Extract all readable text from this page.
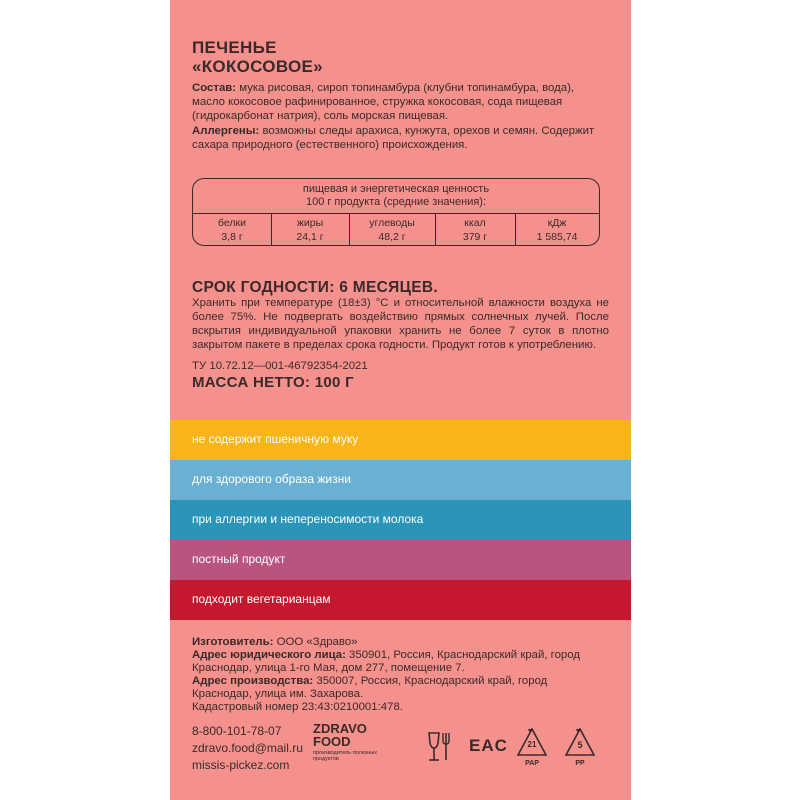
ПЕЧЕНЬЕ
«КОКОСОВОЕ»
Состав: мука рисовая, сироп топинамбура (клубни топинамбура, вода), масло кокосовое рафинированное, стружка кокосовая, сода пищевая (гидрокарбонат натрия), соль морская пищевая.
Аллергены: возможны следы арахиса, кунжута, орехов и семян. Содержит сахара природного (естественного) происхождения.
пищевая и энергетическая ценность 100 г продукта (средние значения):
белки
3,8 г
жиры
24,1 г
углеводы
48,2 г
ккал
379 г
кДж
1 585,74
СРОК ГОДНОСТИ: 6 МЕСЯЦЕВ.
Хранить при температуре (18±3) °С и относительной влажности воздуха не более 75%. Не подвергать воздействию прямых солнечных лучей. После вскрытия индивидуальной упаковки хранить не более 7 суток в плотно закрытом пакете в пределах срока годности. Продукт готов к употреблению.
ТУ 10.72.12—001-46792354-2021
МАССА НЕТТО: 100 Г
не содержит пшеничную муку
для здорового образа жизни
при аллергии и непереносимости молока
постный продукт
подходит вегетарианцам
Изготовитель: ООО «Здраво»
Адрес юридического лица: 350901, Россия, Краснодарский край, город Краснодар, улица 1-го Мая, дом 277, помещение 7.
Адрес производства: 350007, Россия, Краснодарский край, город Краснодар, улица им. Захарова.
Кадастровый номер 23:43:0210001:478.
8-800-101-78-07
zdravo.food@mail.ru
missis-pickez.com
ZDRAVO
FOOD
производитель полезных продуктов
EAC	21
PAP
5
PP
